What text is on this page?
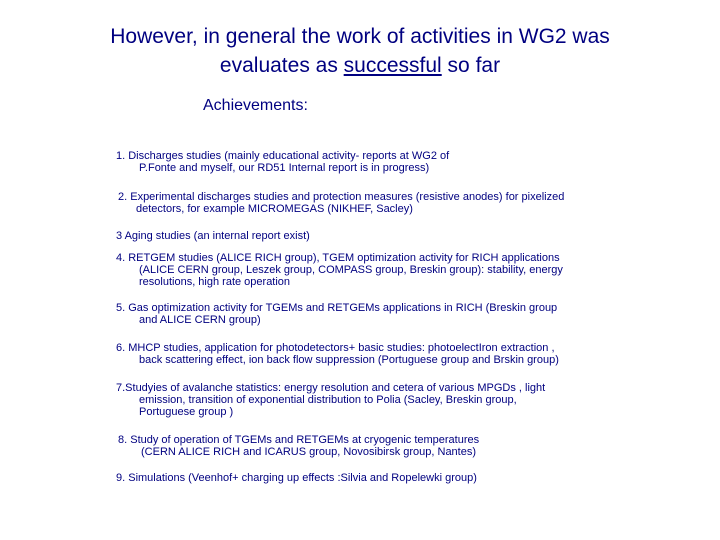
However, in general the work of activities in WG2 was
evaluates as successful so far
Achievements:
1. Discharges studies (mainly educational activity- reports at WG2 of
P.Fonte and myself, our RD51 Internal report is in progress)
2. Experimental discharges studies and protection measures (resistive anodes) for pixelized
detectors, for example MICROMEGAS (NIKHEF, Sacley)
3 Aging studies (an internal report exist)
4. RETGEM studies (ALICE RICH group), TGEM optimization activity for RICH applications
(ALICE CERN group, Leszek group, COMPASS group, Breskin group): stability, energy
resolutions, high rate operation
5. Gas optimization activity for TGEMs and RETGEMs applications in RICH (Breskin group
and ALICE CERN group)
6. MHCP studies, application for photodetectors+ basic studies: photoelectIron extraction ,
back scattering effect, ion back flow suppression (Portuguese group and Brskin group)
7.Studyies of avalanche statistics: energy resolution and cetera of various MPGDs , light
emission, transition of exponential distribution to Polia (Sacley, Breskin group,
Portuguese group )
8. Study of operation of TGEMs and RETGEMs at cryogenic temperatures
(CERN ALICE RICH and ICARUS group, Novosibirsk group, Nantes)
9. Simulations (Veenhof+ charging up effects :Silvia and Ropelewki group)
